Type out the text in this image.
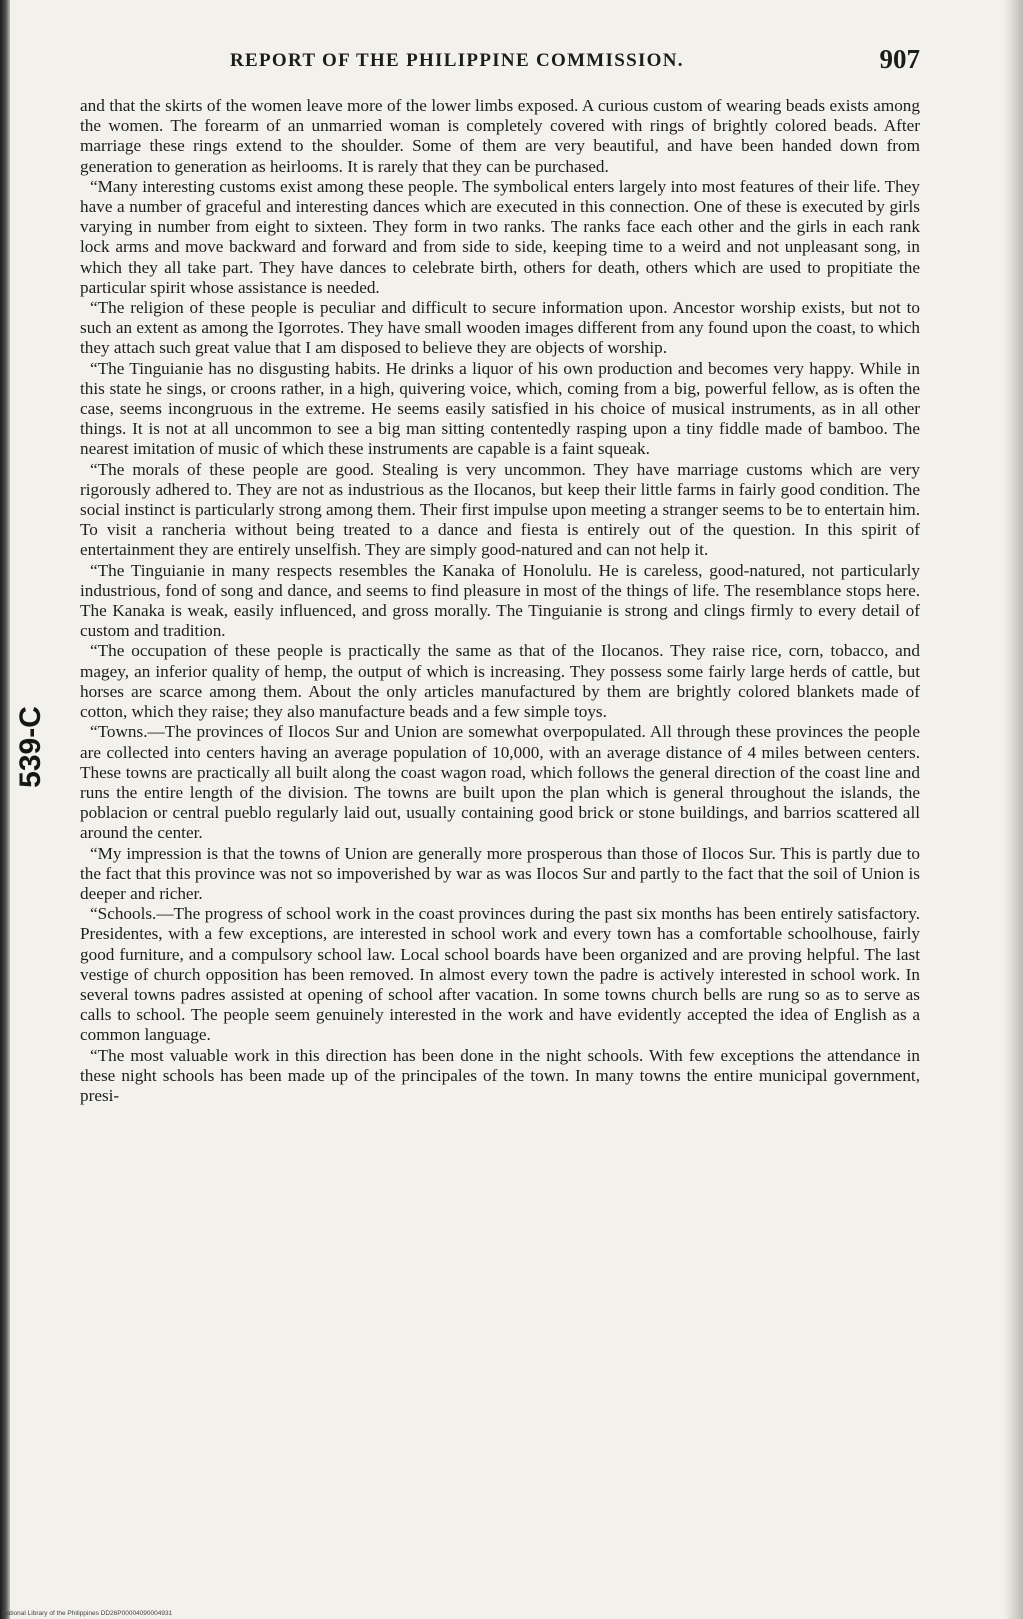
REPORT OF THE PHILIPPINE COMMISSION.	907
539-C

and that the skirts of the women leave more of the lower limbs exposed. A curious custom of wearing beads exists among the women. The forearm of an unmarried woman is completely covered with rings of brightly colored beads. After marriage these rings extend to the shoulder. Some of them are very beautiful, and have been handed down from generation to generation as heirlooms. It is rarely that they can be purchased.

“Many interesting customs exist among these people. The symbolical enters largely into most features of their life. They have a number of graceful and interesting dances which are executed in this connection. One of these is executed by girls varying in number from eight to sixteen. They form in two ranks. The ranks face each other and the girls in each rank lock arms and move backward and forward and from side to side, keeping time to a weird and not unpleasant song, in which they all take part. They have dances to celebrate birth, others for death, others which are used to propitiate the particular spirit whose assistance is needed.

“The religion of these people is peculiar and difficult to secure information upon. Ancestor worship exists, but not to such an extent as among the Igorrotes. They have small wooden images different from any found upon the coast, to which they attach such great value that I am disposed to believe they are objects of worship.

“The Tinguianie has no disgusting habits. He drinks a liquor of his own production and becomes very happy. While in this state he sings, or croons rather, in a high, quivering voice, which, coming from a big, powerful fellow, as is often the case, seems incongruous in the extreme. He seems easily satisfied in his choice of musical instruments, as in all other things. It is not at all uncommon to see a big man sitting contentedly rasping upon a tiny fiddle made of bamboo. The nearest imitation of music of which these instruments are capable is a faint squeak.

“The morals of these people are good. Stealing is very uncommon. They have marriage customs which are very rigorously adhered to. They are not as industrious as the Ilocanos, but keep their little farms in fairly good condition. The social instinct is particularly strong among them. Their first impulse upon meeting a stranger seems to be to entertain him. To visit a rancheria without being treated to a dance and fiesta is entirely out of the question. In this spirit of entertainment they are entirely unselfish. They are simply good-natured and can not help it.

“The Tinguianie in many respects resembles the Kanaka of Honolulu. He is careless, good-natured, not particularly industrious, fond of song and dance, and seems to find pleasure in most of the things of life. The resemblance stops here. The Kanaka is weak, easily influenced, and gross morally. The Tinguianie is strong and clings firmly to every detail of custom and tradition.

“The occupation of these people is practically the same as that of the Ilocanos. They raise rice, corn, tobacco, and magey, an inferior quality of hemp, the output of which is increasing. They possess some fairly large herds of cattle, but horses are scarce among them. About the only articles manufactured by them are brightly colored blankets made of cotton, which they raise; they also manufacture beads and a few simple toys.

“Towns.—The provinces of Ilocos Sur and Union are somewhat overpopulated. All through these provinces the people are collected into centers having an average population of 10,000, with an average distance of 4 miles between centers. These towns are practically all built along the coast wagon road, which follows the general direction of the coast line and runs the entire length of the division. The towns are built upon the plan which is general throughout the islands, the poblacion or central pueblo regularly laid out, usually containing good brick or stone buildings, and barrios scattered all around the center.

“My impression is that the towns of Union are generally more prosperous than those of Ilocos Sur. This is partly due to the fact that this province was not so impoverished by war as was Ilocos Sur and partly to the fact that the soil of Union is deeper and richer.

“Schools.—The progress of school work in the coast provinces during the past six months has been entirely satisfactory. Presidentes, with a few exceptions, are interested in school work and every town has a comfortable schoolhouse, fairly good furniture, and a compulsory school law. Local school boards have been organized and are proving helpful. The last vestige of church opposition has been removed. In almost every town the padre is actively interested in school work. In several towns padres assisted at opening of school after vacation. In some towns church bells are rung so as to serve as calls to school. The people seem genuinely interested in the work and have evidently accepted the idea of English as a common language.

“The most valuable work in this direction has been done in the night schools. With few exceptions the attendance in these night schools has been made up of the principales of the town. In many towns the entire municipal government, presi-

National Library of the Philippines DD26P00004090004931
